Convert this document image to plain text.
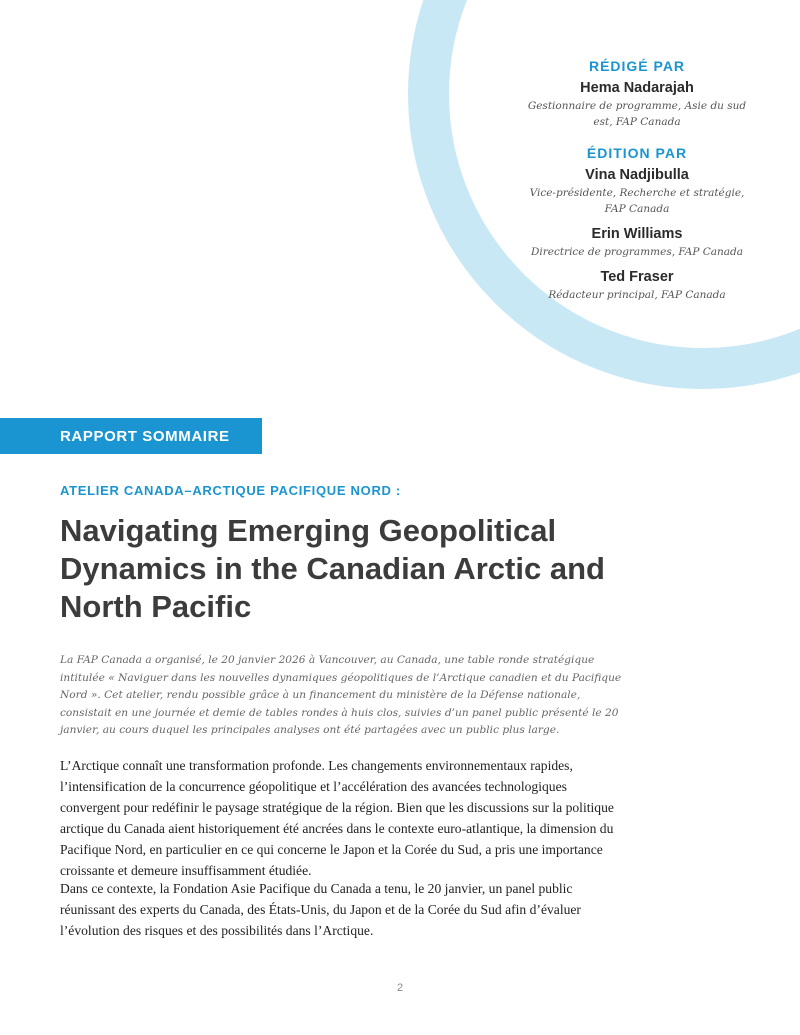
RÉDIGÉ PAR
Hema Nadarajah
Gestionnaire de programme, Asie du sud est, FAP Canada
ÉDITION PAR
Vina Nadjibulla
Vice-présidente, Recherche et stratégie, FAP Canada
Erin Williams
Directrice de programmes, FAP Canada
Ted Fraser
Rédacteur principal, FAP Canada
RAPPORT SOMMAIRE
ATELIER CANADA–ARCTIQUE PACIFIQUE NORD :
Navigating Emerging Geopolitical Dynamics in the Canadian Arctic and North Pacific

La FAP Canada a organisé, le 20 janvier 2026 à Vancouver, au Canada, une table ronde stratégique intitulée « Naviguer dans les nouvelles dynamiques géopolitiques de l’Arctique canadien et du Pacifique Nord ». Cet atelier, rendu possible grâce à un financement du ministère de la Défense nationale, consistait en une journée et demie de tables rondes à huis clos, suivies d’un panel public présenté le 20 janvier, au cours duquel les principales analyses ont été partagées avec un public plus large.

L’Arctique connaît une transformation profonde. Les changements environnementaux rapides, l’intensification de la concurrence géopolitique et l’accélération des avancées technologiques convergent pour redéfinir le paysage stratégique de la région. Bien que les discussions sur la politique arctique du Canada aient historiquement été ancrées dans le contexte euro-atlantique, la dimension du Pacifique Nord, en particulier en ce qui concerne le Japon et la Corée du Sud, a pris une importance croissante et demeure insuffisamment étudiée.

Dans ce contexte, la Fondation Asie Pacifique du Canada a tenu, le 20 janvier, un panel public réunissant des experts du Canada, des États-Unis, du Japon et de la Corée du Sud afin d’évaluer l’évolution des risques et des possibilités dans l’Arctique.

2
